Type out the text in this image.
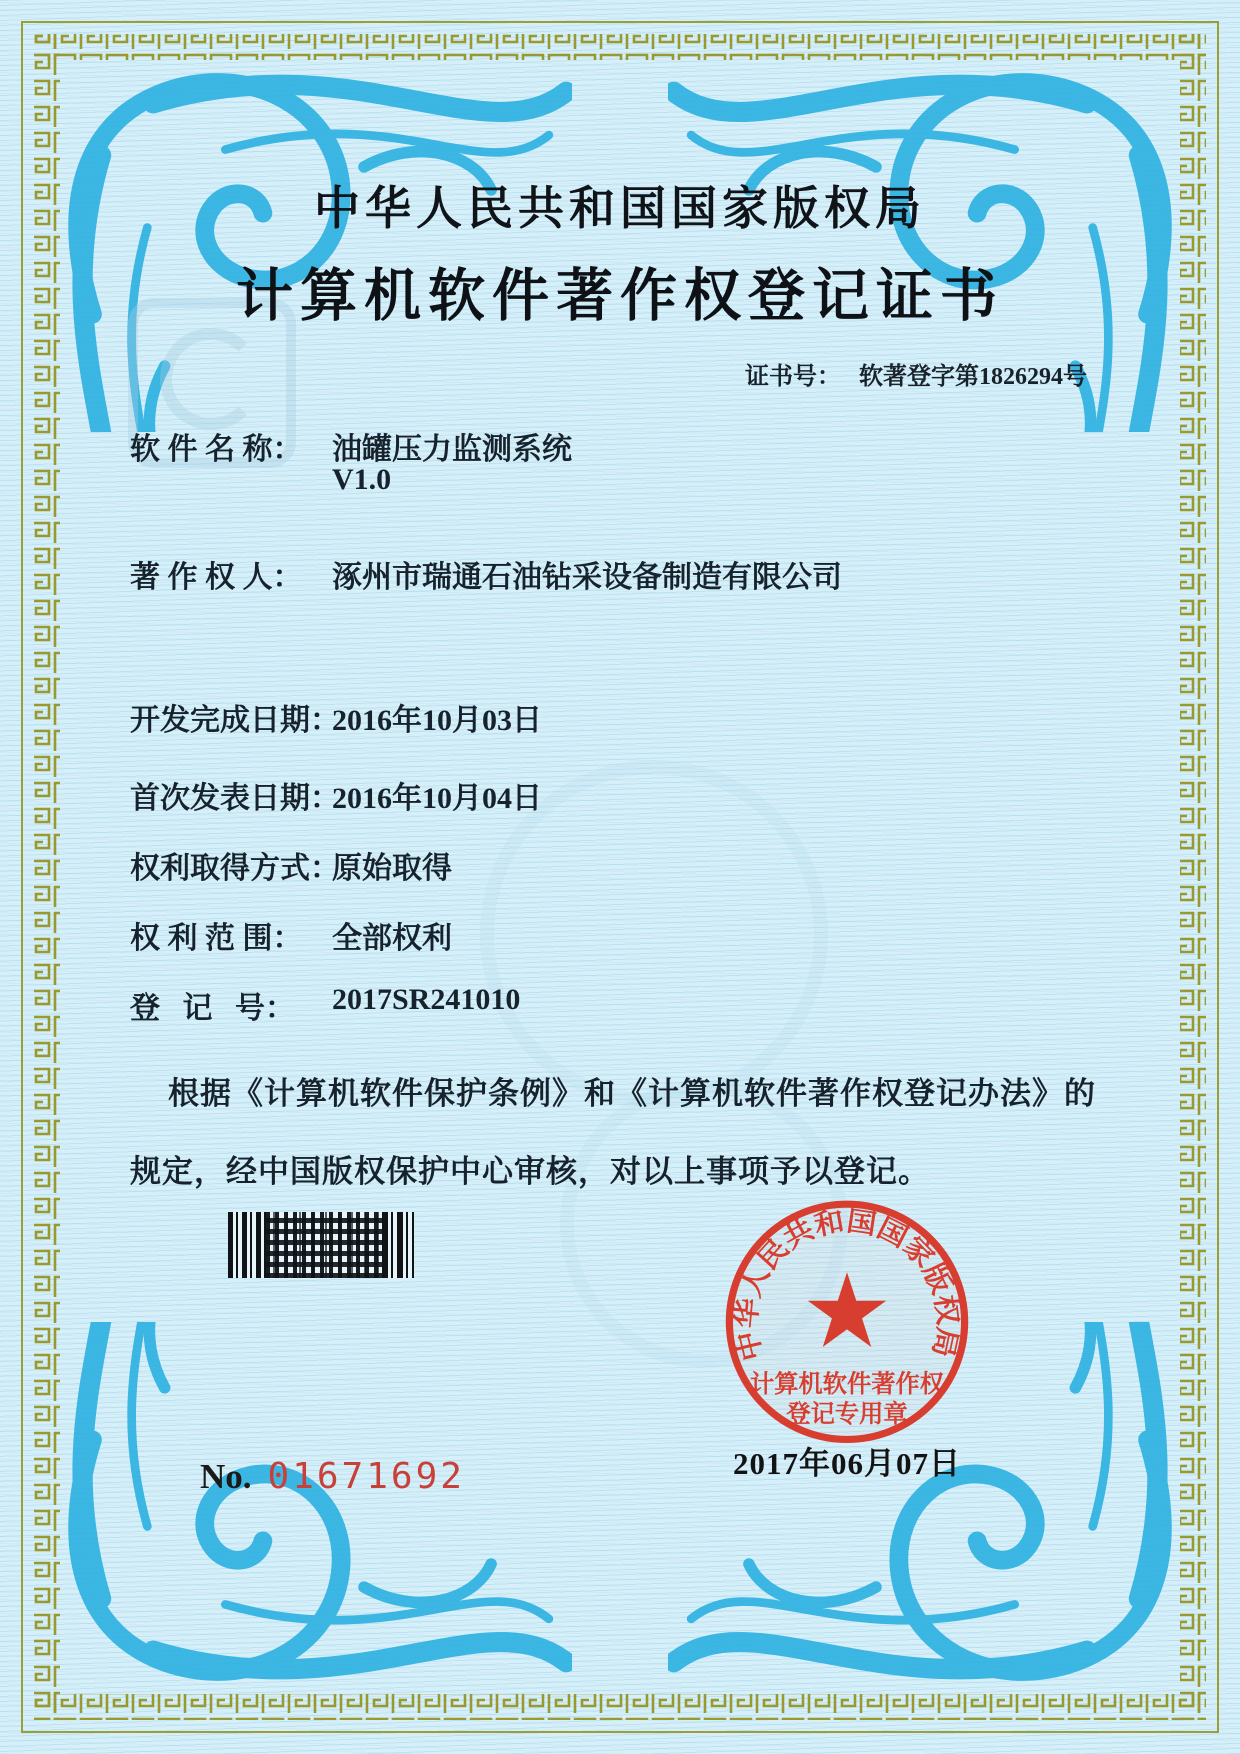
中华人民共和国国家版权局
计算机软件著作权登记证书
证书号： 软著登字第1826294号
软 件 名 称： 油罐压力监测系统
V1.0
著 作 权 人： 涿州市瑞通石油钻采设备制造有限公司
开发完成日期：
2016年10月03日
首次发表日期：
2016年10月04日
权利取得方式：
原始取得
权 利 范 围： 全部权利
登   记   号： 2017SR241010
根据《计算机软件保护条例》和《计算机软件著作权登记办法》的
规定，经中国版权保护中心审核，对以上事项予以登记。
中华人民共和国国家版权局
计算机软件著作权
登记专用章
2017年06月07日
No. 01671692
